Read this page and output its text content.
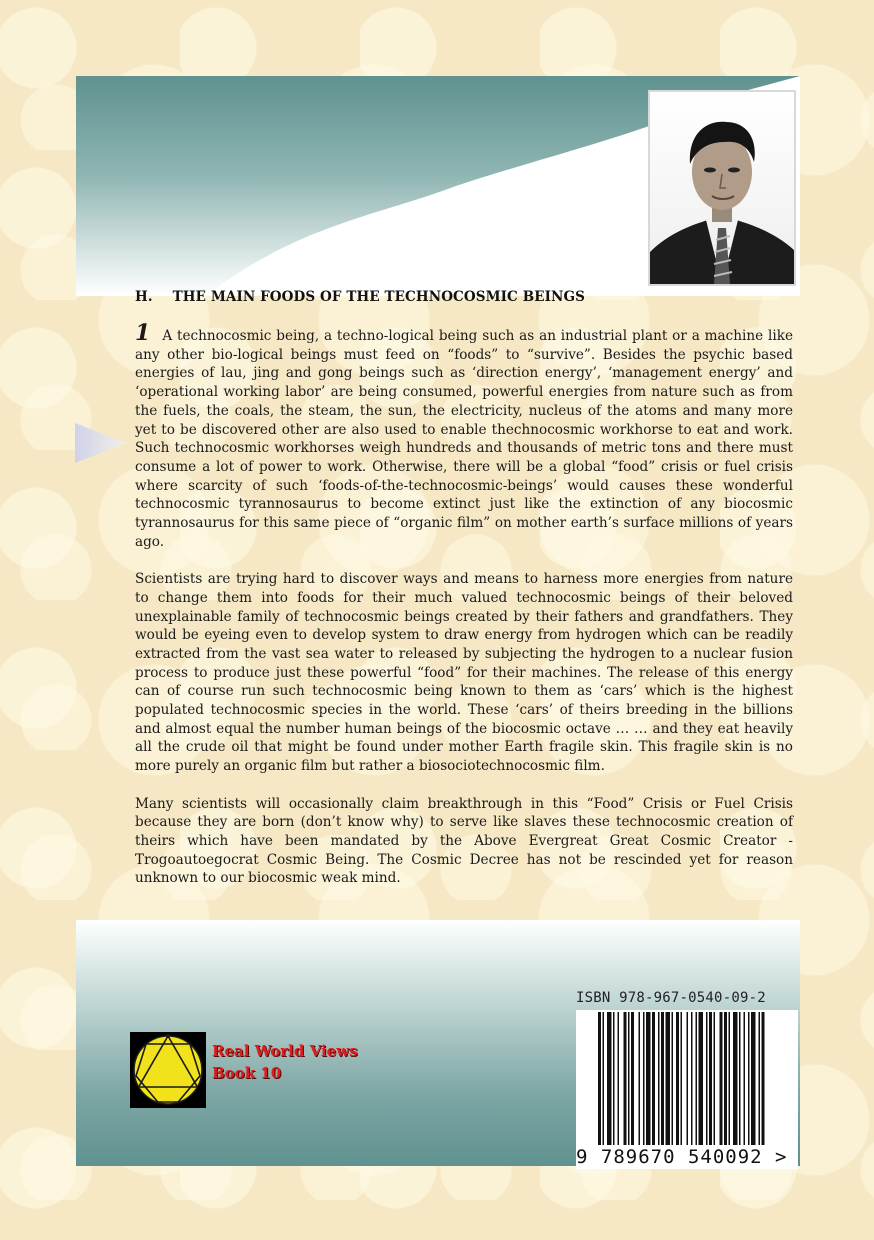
H. THE MAIN FOODS OF THE TECHNOCOSMIC BEINGS

1 A technocosmic being, a techno-logical being such as an industrial plant or a machine like any other bio-logical beings must feed on “foods” to “survive”. Besides the psychic based energies of lau, jing and gong beings such as ‘direction energy’, ‘management energy’ and ‘operational working labor’ are being consumed, powerful energies from nature such as from the fuels, the coals, the steam, the sun, the electricity, nucleus of the atoms and many more yet to be discovered other are also used to enable thechnocosmic workhorse to eat and work. Such technocosmic workhorses weigh hundreds and thousands of metric tons and there must consume a lot of power to work. Otherwise, there will be a global “food” crisis or fuel crisis where scarcity of such ‘foods-of-the-technocosmic-beings’ would causes these wonderful technocosmic tyrannosaurus to become extinct just like the extinction of any biocosmic tyrannosaurus for this same piece of “organic film” on mother earth’s surface millions of years ago.

Scientists are trying hard to discover ways and means to harness more energies from nature to change them into foods for their much valued technocosmic beings of their beloved unexplainable family of technocosmic beings created by their fathers and grandfathers. They would be eyeing even to develop system to draw energy from hydrogen which can be readily extracted from the vast sea water to released by subjecting the hydrogen to a nuclear fusion process to produce just these powerful “food” for their machines. The release of this energy can of course run such technocosmic being known to them as ‘cars’ which is the highest populated technocosmic species in the world. These ‘cars’ of theirs breeding in the billions and almost equal the number human beings of the biocosmic octave … … and they eat heavily all the crude oil that might be found under mother Earth fragile skin. This fragile skin is no more purely an organic film but rather a biosociotechnocosmic film.

Many scientists will occasionally claim breakthrough in this “Food” Crisis or Fuel Crisis because they are born (don’t know why) to serve like slaves these technocosmic creation of theirs which have been mandated by the Above Evergreat Great Cosmic Creator - Trogoautoegocrat Cosmic Being. The Cosmic Decree has not be rescinded yet for reason unknown to our biocosmic weak mind.

Real World Views
Book 10
ISBN 978-967-0540-09-2
9 789670 540092 >
